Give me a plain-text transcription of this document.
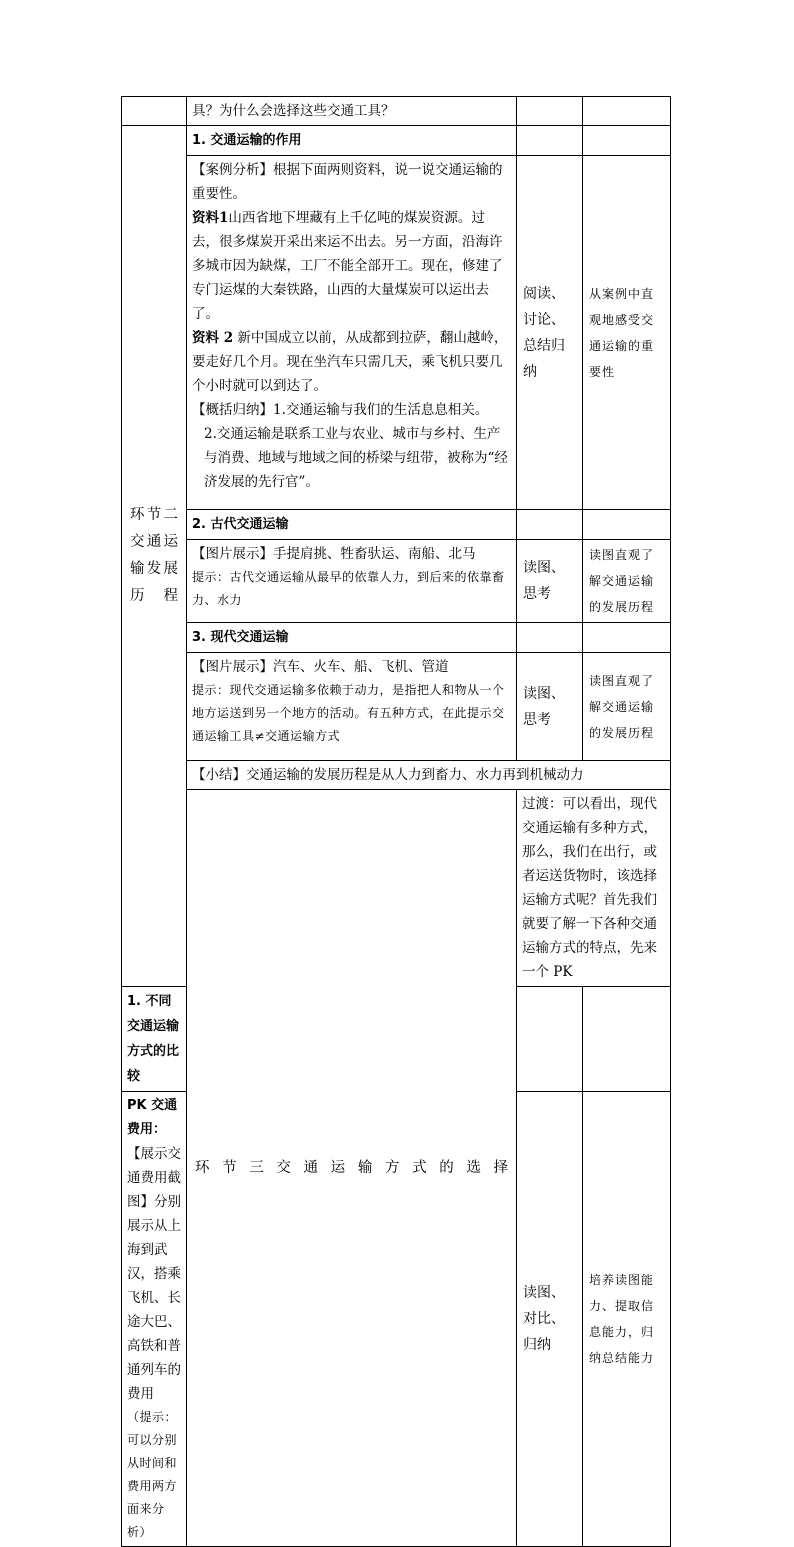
	具？为什么会选择这些交通工具？		
环节二交通运输发展历程	1. 交通运输的作用		

	【案例分析】根据下面两则资料，说一说交通运输的重要性。
资料1山西省地下埋藏有上千亿吨的煤炭资源。过去，很多煤炭开采出来运不出去。另一方面，沿海许多城市因为缺煤，工厂不能全部开工。现在，修建了专门运煤的大秦铁路，山西的大量煤炭可以运出去了。
资料 2 新中国成立以前，从成都到拉萨，翻山越岭，要走好几个月。现在坐汽车只需几天，乘飞机只要几个小时就可以到达了。
【概括归纳】1.交通运输与我们的生活息息相关。
2.交通运输是联系工业与农业、城市与乡村、生产与消费、地域与地域之间的桥梁与纽带，被称为“经济发展的先行官”。	阅读、讨论、总结归纳	从案例中直观地感受交通运输的重要性
	2. 古代交通运输		

	【图片展示】手提肩挑、牲畜驮运、南船、北马
提示：古代交通运输从最早的依靠人力，到后来的依靠畜力、水力	读图、思考	读图直观了解交通运输的发展历程
	3. 现代交通运输		

	【图片展示】汽车、火车、船、飞机、管道
提示：现代交通运输多依赖于动力，是指把人和物从一个地方运送到另一个地方的活动。有五种方式，在此提示交通运输工具≠交通运输方式	读图、思考	读图直观了解交通运输的发展历程
	【小结】交通运输的发展历程是从人力到畜力、水力再到机械动力		
	环节三交通运输方式的选择	过渡：可以看出，现代交通运输有多种方式，那么，我们在出行，或者运送货物时，该选择运输方式呢？首先我们就要了解一下各种交通运输方式的特点，先来一个 PK	
1. 不同交通运输方式的比较			

PK 交通费用：
【展示交通费用截图】分别展示从上海到武汉，搭乘飞机、长途大巴、高铁和普通列车的费用
（提示：可以分别从时间和费用两方面来分析）		读图、对比、归纳	培养读图能力、提取信息能力，归纳总结能力
